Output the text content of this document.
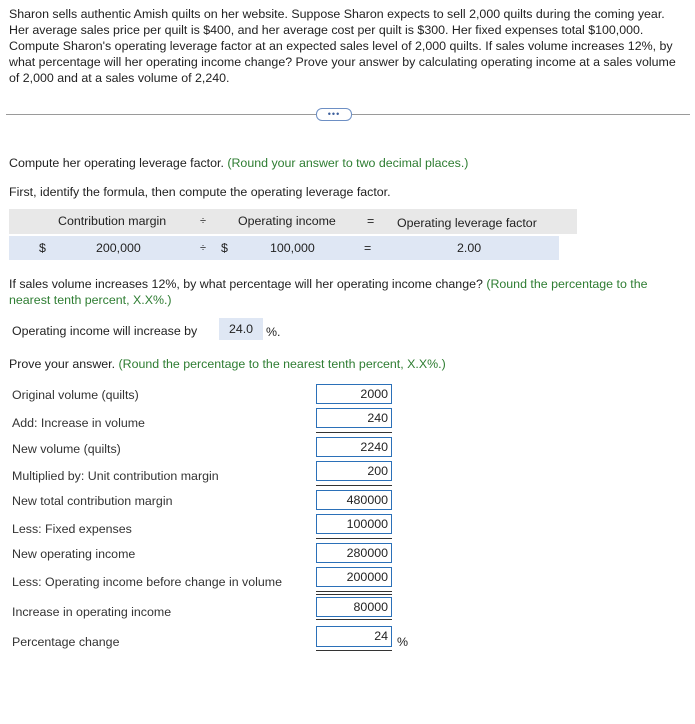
Sharon sells authentic Amish quilts on her website. Suppose Sharon expects to sell 2,000 quilts during the coming year. Her average sales price per quilt is $400, and her average cost per quilt is $300. Her fixed expenses total $100,000. Compute Sharon's operating leverage factor at an expected sales level of 2,000 quilts. If sales volume increases 12%, by what percentage will her operating income change? Prove your answer by calculating operating income at a sales volume of 2,000 and at a sales volume of 2,240.
•••
Compute her operating leverage factor. (Round your answer to two decimal places.)
First, identify the formula, then compute the operating leverage factor.
Contribution margin	÷	Operating income	= Operating leverage factor
$	200,000	÷ $	100,000	=	2.00
If sales volume increases 12%, by what percentage will her operating income change? (Round the percentage to the nearest tenth percent, X.X%.)
Operating income will increase by	24.0	%.
Prove your answer. (Round the percentage to the nearest tenth percent, X.X%.)
Original volume (quilts)	2000
Add: Increase in volume	240
New volume (quilts)	2240
Multiplied by: Unit contribution margin	200
New total contribution margin	480000
Less: Fixed expenses	100000
New operating income	280000
Less: Operating income before change in volume	200000
Increase in operating income	80000
Percentage change	24 %
